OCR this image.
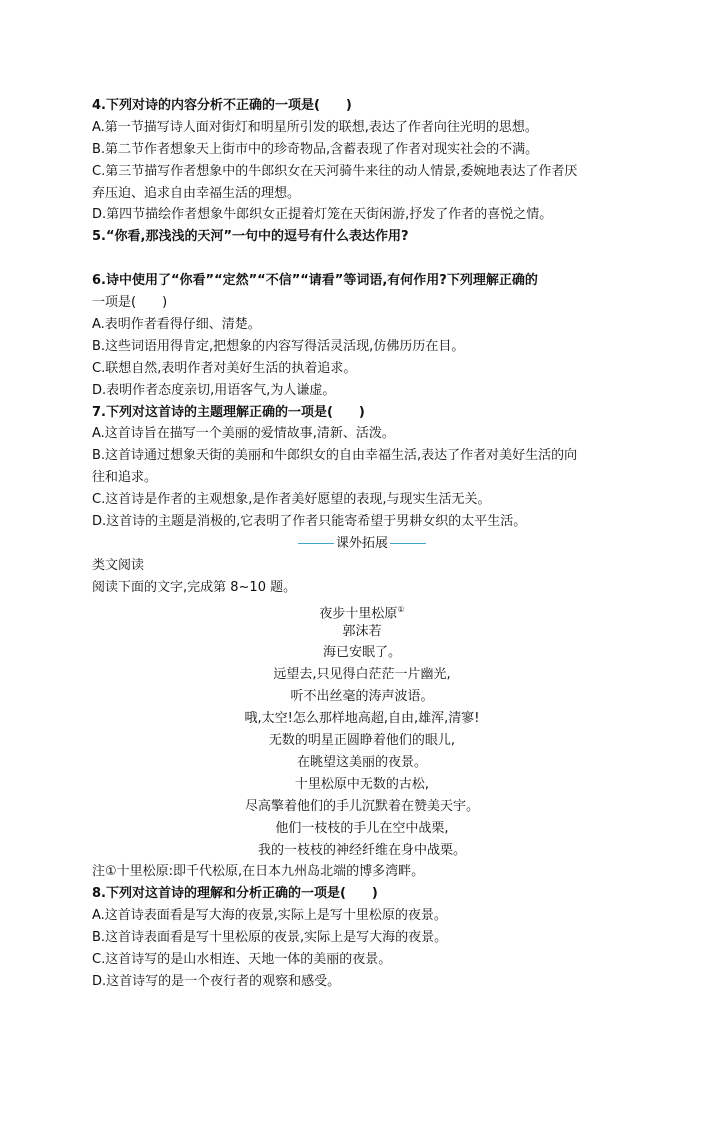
4.下列对诗的内容分析不正确的一项是(　　)
A.第一节描写诗人面对街灯和明星所引发的联想,表达了作者向往光明的思想。
B.第二节作者想象天上街市中的珍奇物品,含蓄表现了作者对现实社会的不满。
C.第三节描写作者想象中的牛郎织女在天河骑牛来往的动人情景,委婉地表达了作者厌
弃压迫、追求自由幸福生活的理想。
D.第四节描绘作者想象牛郎织女正提着灯笼在天街闲游,抒发了作者的喜悦之情。
5.“你看,那浅浅的天河”一句中的逗号有什么表达作用?
6.诗中使用了“你看”“定然”“不信”“请看”等词语,有何作用?下列理解正确的
一项是(　　)
A.表明作者看得仔细、清楚。
B.这些词语用得肯定,把想象的内容写得活灵活现,仿佛历历在目。
C.联想自然,表明作者对美好生活的执着追求。
D.表明作者态度亲切,用语客气,为人谦虚。
7.下列对这首诗的主题理解正确的一项是(　　)
A.这首诗旨在描写一个美丽的爱情故事,清新、活泼。
B.这首诗通过想象天街的美丽和牛郎织女的自由幸福生活,表达了作者对美好生活的向
往和追求。
C.这首诗是作者的主观想象,是作者美好愿望的表现,与现实生活无关。
D.这首诗的主题是消极的,它表明了作者只能寄希望于男耕女织的太平生活。
课外拓展
类文阅读
阅读下面的文字,完成第 8~10 题。
夜步十里松原①
郭沫若
海已安眠了。
远望去,只见得白茫茫一片幽光,
听不出丝毫的涛声波语。
哦,太空!怎么那样地高超,自由,雄浑,清寥!
无数的明星正圆睁着他们的眼儿,
在眺望这美丽的夜景。
十里松原中无数的古松,
尽高擎着他们的手儿沉默着在赞美天宇。
他们一枝枝的手儿在空中战栗,
我的一枝枝的神经纤维在身中战栗。
注①十里松原:即千代松原,在日本九州岛北端的博多湾畔。
8.下列对这首诗的理解和分析正确的一项是(　　)
A.这首诗表面看是写大海的夜景,实际上是写十里松原的夜景。
B.这首诗表面看是写十里松原的夜景,实际上是写大海的夜景。
C.这首诗写的是山水相连、天地一体的美丽的夜景。
D.这首诗写的是一个夜行者的观察和感受。
